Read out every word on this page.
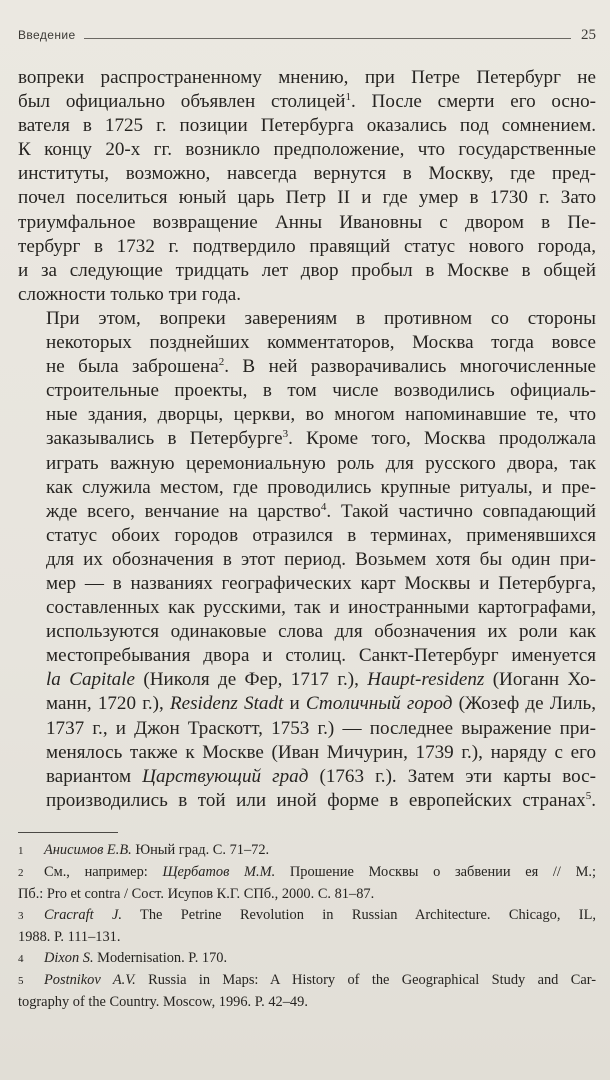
Введение	25

вопреки распространенному мнению, при Петре Петербург не
был официально объявлен столицей$^1$. После смерти его осно-
вателя в 1725 г. позиции Петербурга оказались под сомнением.
К концу 20-х гг. возникло предположение, что государственные
институты, возможно, навсегда вернутся в Москву, где пред-
почел поселиться юный царь Петр II и где умер в 1730 г. Зато
триумфальное возвращение Анны Ивановны с двором в Пе-
тербург в 1732 г. подтвердило правящий статус нового города,
и за следующие тридцать лет двор пробыл в Москве в общей
сложности только три года.

При этом, вопреки заверениям в противном со стороны
некоторых позднейших комментаторов, Москва тогда вовсе
не была заброшена$^2$. В ней разворачивались многочисленные
строительные проекты, в том числе возводились официаль-
ные здания, дворцы, церкви, во многом напоминавшие те, что
заказывались в Петербурге$^3$. Кроме того, Москва продолжала
играть важную церемониальную роль для русского двора, так
как служила местом, где проводились крупные ритуалы, и пре-
жде всего, венчание на царство$^4$. Такой частично совпадающий
статус обоих городов отразился в терминах, применявшихся
для их обозначения в этот период. Возьмем хотя бы один при-
мер — в названиях географических карт Москвы и Петербурга,
составленных как русскими, так и иностранными картографами,
используются одинаковые слова для обозначения их роли как
местопребывания двора и столиц. Санкт-Петербург именуется
la Capitale (Николя де Фер, 1717 г.), Haupt-residenz (Иоганн Хо-
манн, 1720 г.), Residenz Stadt и Столичный город (Жозеф де Лиль,
1737 г., и Джон Траскотт, 1753 г.) — последнее выражение при-
менялось также к Москве (Иван Мичурин, 1739 г.), наряду с его
вариантом Царствующий град (1763 г.). Затем эти карты вос-
производились в той или иной форме в европейских странах$^5$.

1 Анисимов Е.В. Юный град. С. 71–72.
2 См., например: Щербатов М.М. Прошение Москвы о забвении ея // М.;
Пб.: Pro et contra / Сост. Исупов К.Г. СПб., 2000. С. 81–87.
3 Cracraft J. The Petrine Revolution in Russian Architecture. Chicago, IL,
1988. P. 111–131.
4 Dixon S. Modernisation. P. 170.
5 Postnikov A.V. Russia in Maps: A History of the Geographical Study and Car-
tography of the Country. Moscow, 1996. P. 42–49.
